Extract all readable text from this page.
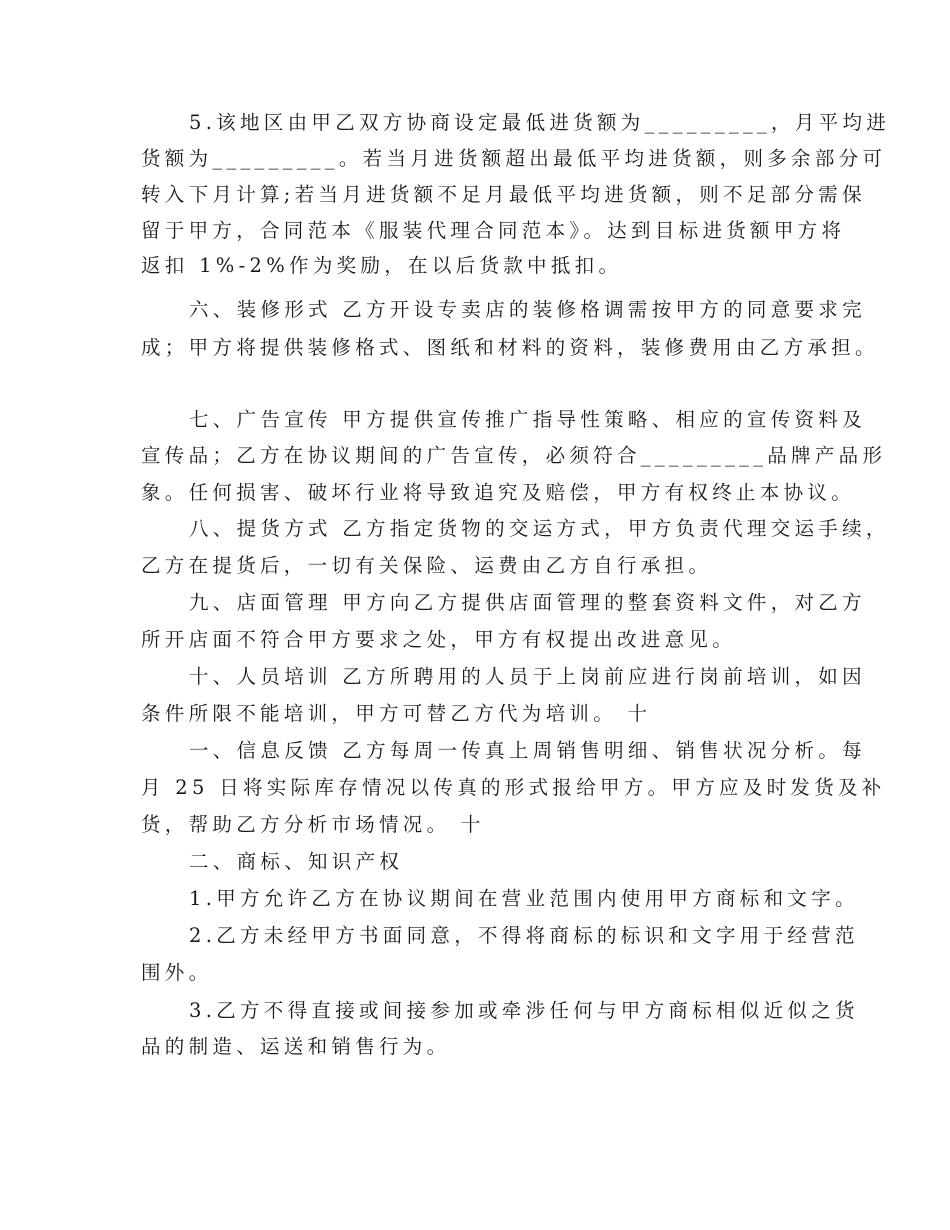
5.该地区由甲乙双方协商设定最低进货额为_________，月平均进
货额为_________。若当月进货额超出最低平均进货额，则多余部分可
转入下月计算;若当月进货额不足月最低平均进货额，则不足部分需保
留于甲方，合同范本《服装代理合同范本》。达到目标进货额甲方将
返扣 1%-2%作为奖励，在以后货款中抵扣。
六、装修形式 乙方开设专卖店的装修格调需按甲方的同意要求完
成；甲方将提供装修格式、图纸和材料的资料，装修费用由乙方承担。
七、广告宣传 甲方提供宣传推广指导性策略、相应的宣传资料及
宣传品；乙方在协议期间的广告宣传，必须符合_________品牌产品形
象。任何损害、破坏行业将导致追究及赔偿，甲方有权终止本协议。
八、提货方式 乙方指定货物的交运方式，甲方负责代理交运手续，
乙方在提货后，一切有关保险、运费由乙方自行承担。
九、店面管理 甲方向乙方提供店面管理的整套资料文件，对乙方
所开店面不符合甲方要求之处，甲方有权提出改进意见。
十、人员培训 乙方所聘用的人员于上岗前应进行岗前培训，如因
条件所限不能培训，甲方可替乙方代为培训。 十
一、信息反馈 乙方每周一传真上周销售明细、销售状况分析。每
月 25 日将实际库存情况以传真的形式报给甲方。甲方应及时发货及补
货，帮助乙方分析市场情况。 十
二、商标、知识产权
1.甲方允许乙方在协议期间在营业范围内使用甲方商标和文字。
2.乙方未经甲方书面同意，不得将商标的标识和文字用于经营范
围外。
3.乙方不得直接或间接参加或牵涉任何与甲方商标相似近似之货
品的制造、运送和销售行为。
